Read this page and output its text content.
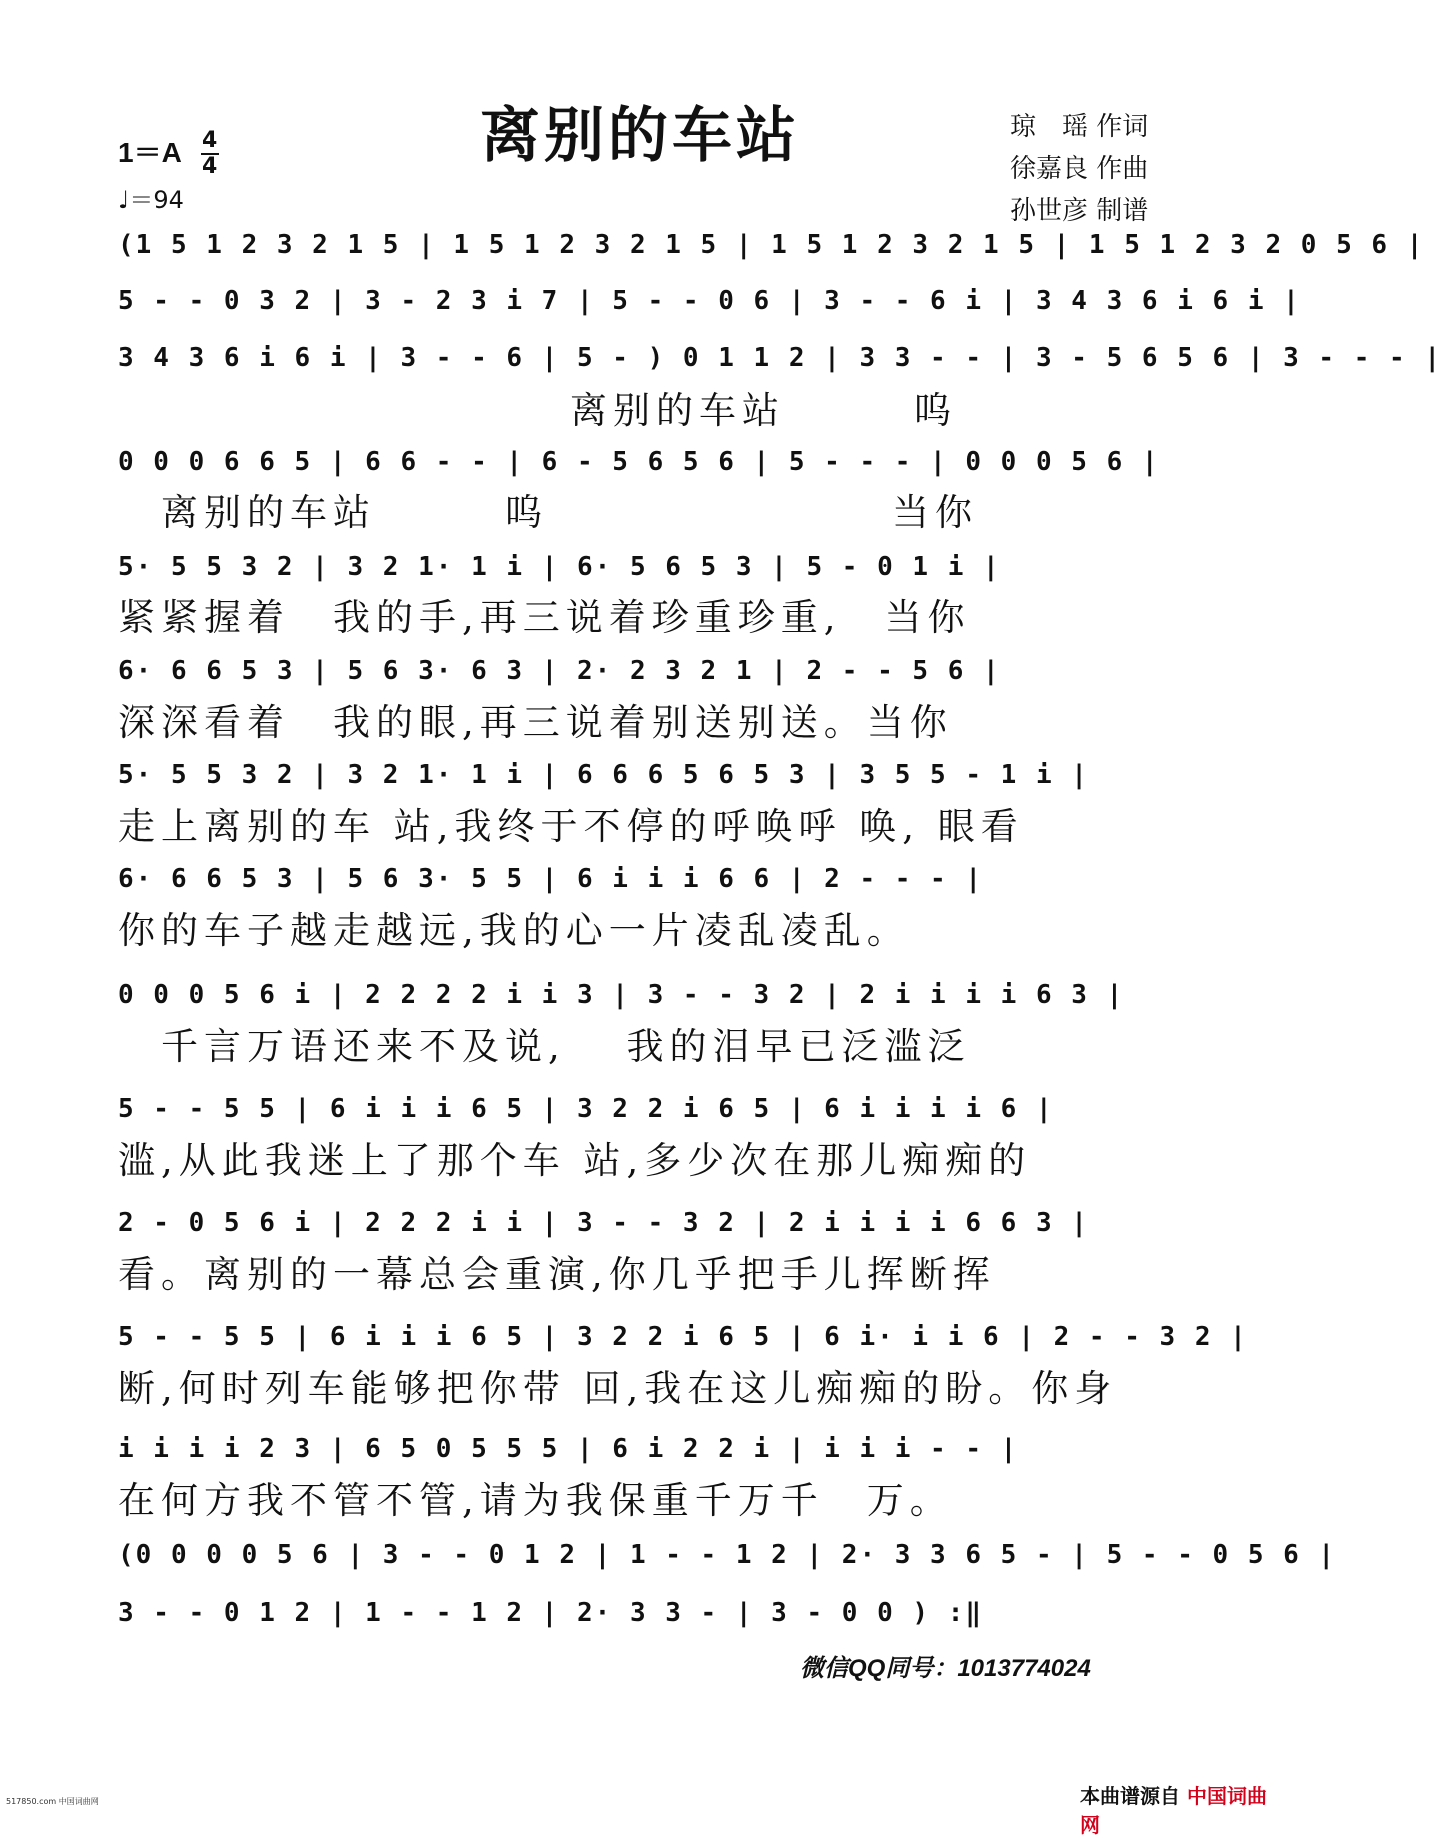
离别的车站
$1=A \frac{4}{4}$
♩＝94
琼　瑶 作词
徐嘉良 作曲
孙世彦 制谱
(1 5 1 2 3 2 1 5 | 1 5 1 2 3 2 1 5 | 1 5 1 2 3 2 1 5 | 1 5 1 2 3 2 0 5 6 |
5 - - 0 3 2 | 3 - 2 3 i 7 | 5 - - 0 6 | 3 - - 6 i | 3 4 3 6 i 6 i |
3 4 3 6 i 6 i | 3 - - 6 | 5 - ) 0 1 1 2 | 3 3 - - | 3 - 5 6 5 6 | 3 - - - |
离别的车站　　　呜
0 0 0 6 6 5 | 6 6 - - | 6 - 5 6 5 6 | 5 - - - | 0 0 0 5 6 |
　离别的车站　　　呜　　　　　　　　当你
5· 5 5 3 2 | 3 2 1· 1 i | 6· 5 6 5 3 | 5 - 0 1 i |
紧紧握着　我的手,再三说着珍重珍重,　当你
6· 6 6 5 3 | 5 6 3· 6 3 | 2· 2 3 2 1 | 2 - - 5 6 |
深深看着　我的眼,再三说着别送别送。当你
5· 5 5 3 2 | 3 2 1· 1 i | 6 6 6 5 6 5 3 | 3 5 5 - 1 i |
走上离别的车 站,我终于不停的呼唤呼 唤, 眼看
6· 6 6 5 3 | 5 6 3· 5 5 | 6 i i i 6 6 | 2 - - - |
你的车子越走越远,我的心一片凌乱凌乱。
0 0 0 5 6 i | 2 2 2 2 i i 3 | 3 - - 3 2 | 2 i i i i 6 3 |
　千言万语还来不及说,　 我的泪早已泛滥泛
5 - - 5 5 | 6 i i i 6 5 | 3 2 2 i 6 5 | 6 i i i i 6 |
滥,从此我迷上了那个车 站,多少次在那儿痴痴的
2 - 0 5 6 i | 2 2 2 i i | 3 - - 3 2 | 2 i i i i 6 6 3 |
看。离别的一幕总会重演,你几乎把手儿挥断挥
5 - - 5 5 | 6 i i i 6 5 | 3 2 2 i 6 5 | 6 i· i i 6 | 2 - - 3 2 |
断,何时列车能够把你带 回,我在这儿痴痴的盼。你身
i i i i 2 3 | 6 5 0 5 5 5 | 6 i 2 2 i | i i i - - |
在何方我不管不管,请为我保重千万千　万。
(0 0 0 0 5 6 | 3 - - 0 1 2 | 1 - - 1 2 | 2· 3 3 6 5 - | 5 - - 0 5 6 |
3 - - 0 1 2 | 1 - - 1 2 | 2· 3 3 - | 3 - 0 0 ) :‖
微信QQ同号：1013774024
517850.com 中国词曲网	本曲谱源自 中国词曲网
